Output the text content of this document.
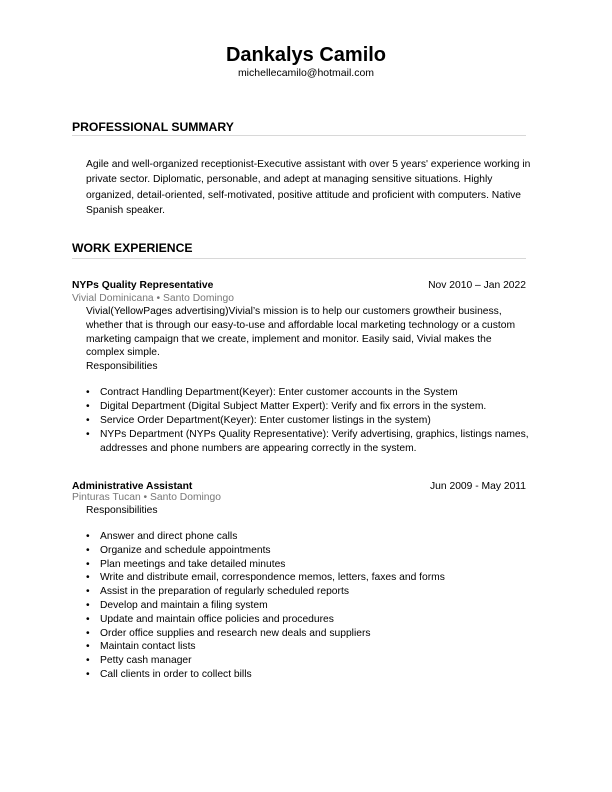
Dankalys Camilo
michellecamilo@hotmail.com
PROFESSIONAL SUMMARY
WORK EXPERIENCE
Agile and well-organized receptionist-Executive assistant with over 5 years' experience working in
private sector. Diplomatic, personable, and adept at managing sensitive situations. Highly
organized, detail-oriented, self-motivated, positive attitude and proficient with computers. Native
Spanish speaker.
NYPs Quality Representative	Nov 2010 – Jan 2022
Vivial Dominicana • Santo Domingo
Vivial(YellowPages advertising)Vivial’s mission is to help our customers growtheir business,
whether that is through our easy-to-use and affordable local marketing technology or a custom
marketing campaign that we create, implement and monitor. Easily said, Vivial makes the
complex simple.
Responsibilities
• Contract Handling Department(Keyer): Enter customer accounts in the System
• Digital Department (Digital Subject Matter Expert): Verify and fix errors in the system.
• Service Order Department(Keyer): Enter customer listings in the system)
• NYPs Department (NYPs Quality Representative): Verify advertising, graphics, listings names,
addresses and phone numbers are appearing correctly in the system.
Administrative Assistant	Jun 2009 - May 2011
Pinturas Tucan • Santo Domingo
Responsibilities
• Answer and direct phone calls
• Organize and schedule appointments
• Plan meetings and take detailed minutes
• Write and distribute email, correspondence memos, letters, faxes and forms
• Assist in the preparation of regularly scheduled reports
• Develop and maintain a filing system
• Update and maintain office policies and procedures
• Order office supplies and research new deals and suppliers
• Maintain contact lists
• Petty cash manager
• Call clients in order to collect bills
